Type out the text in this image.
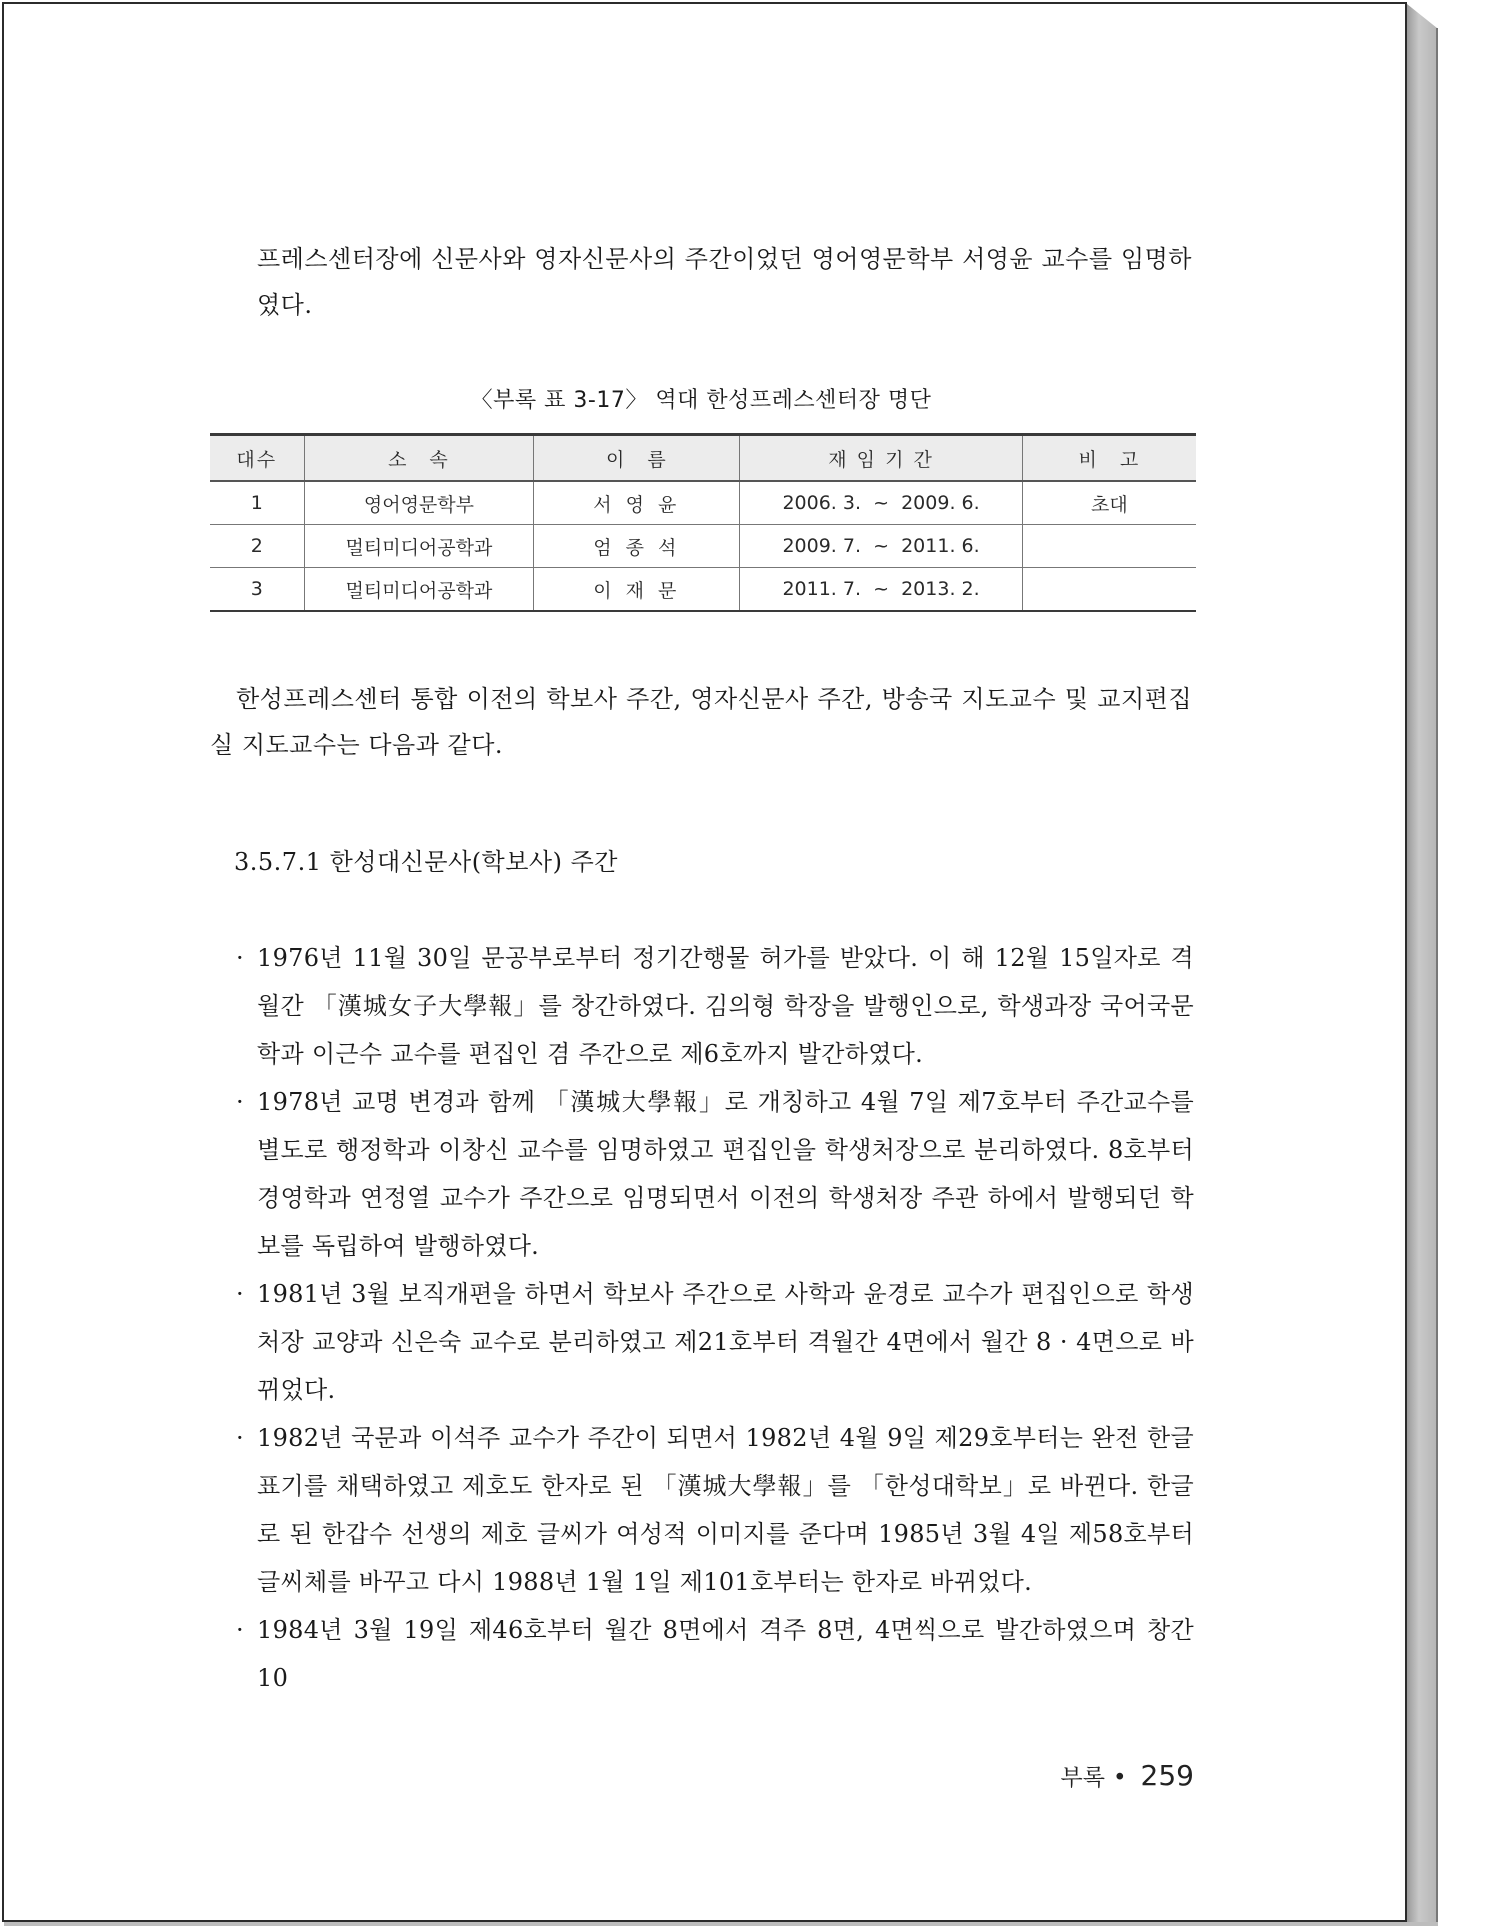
프레스센터장에 신문사와 영자신문사의 주간이었던 영어영문학부 서영윤 교수를 임명하였다.

〈부록 표 3-17〉 역대 한성프레스센터장 명단
대수	소　속	이　름	재 임 기 간	비　고
1	영어영문학부	서 영 윤	2006. 3.  ~  2009. 6.	초대
2	멀티미디어공학과	엄 종 석	2009. 7.  ~  2011. 6.	
3	멀티미디어공학과	이 재 문	2011. 7.  ~  2013. 2.	

한성프레스센터 통합 이전의 학보사 주간, 영자신문사 주간, 방송국 지도교수 및 교지편집실 지도교수는 다음과 같다.

3.5.7.1 한성대신문사(학보사) 주간
· 1976년 11월 30일 문공부로부터 정기간행물 허가를 받았다. 이 해 12월 15일자로 격월간 「漢城女子大學報」를 창간하였다. 김의형 학장을 발행인으로, 학생과장 국어국문학과 이근수 교수를 편집인 겸 주간으로 제6호까지 발간하였다.
· 1978년 교명 변경과 함께 「漢城大學報」로 개칭하고 4월 7일 제7호부터 주간교수를 별도로 행정학과 이창신 교수를 임명하였고 편집인을 학생처장으로 분리하였다. 8호부터 경영학과 연정열 교수가 주간으로 임명되면서 이전의 학생처장 주관 하에서 발행되던 학보를 독립하여 발행하였다.
· 1981년 3월 보직개편을 하면서 학보사 주간으로 사학과 윤경로 교수가 편집인으로 학생처장 교양과 신은숙 교수로 분리하였고 제21호부터 격월간 4면에서 월간 8 · 4면으로 바뀌었다.
· 1982년 국문과 이석주 교수가 주간이 되면서 1982년 4월 9일 제29호부터는 완전 한글표기를 채택하였고 제호도 한자로 된 「漢城大學報」를 「한성대학보」로 바뀐다. 한글로 된 한갑수 선생의 제호 글씨가 여성적 이미지를 준다며 1985년 3월 4일 제58호부터 글씨체를 바꾸고 다시 1988년 1월 1일 제101호부터는 한자로 바뀌었다.
· 1984년 3월 19일 제46호부터 월간 8면에서 격주 8면, 4면씩으로 발간하였으며 창간 10
부록 • 259
